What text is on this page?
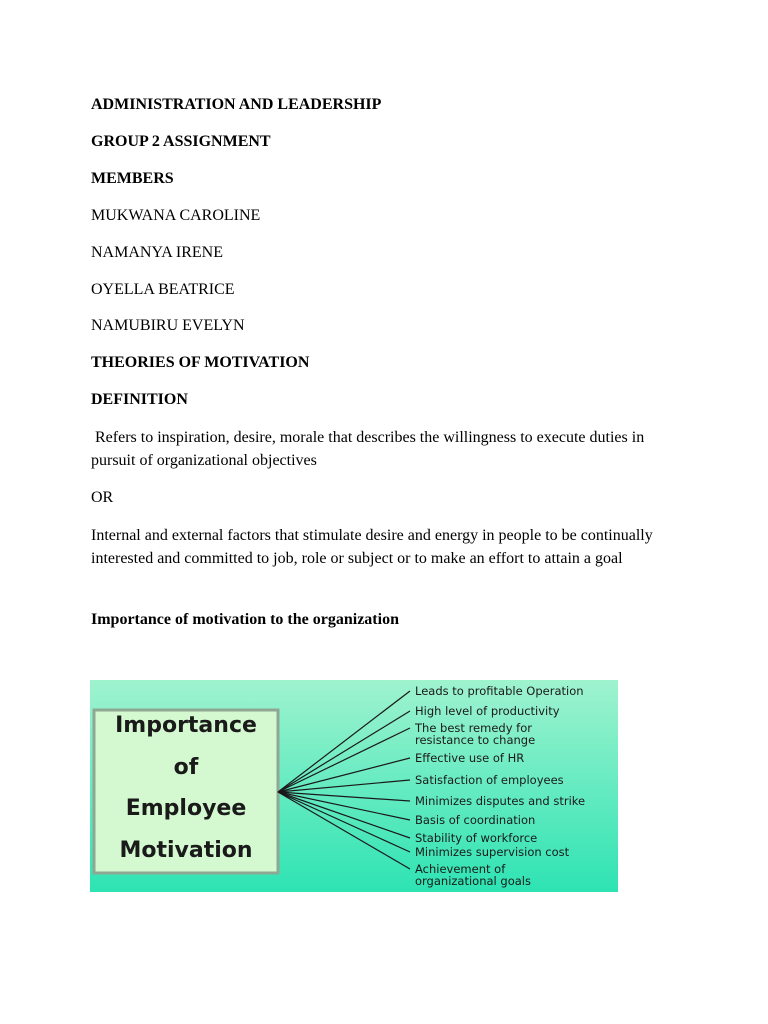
ADMINISTRATION AND LEADERSHIP

GROUP 2 ASSIGNMENT

MEMBERS

MUKWANA CAROLINE

NAMANYA IRENE

OYELLA BEATRICE

NAMUBIRU EVELYN

THEORIES OF MOTIVATION

DEFINITION

Refers to inspiration, desire, morale that describes the willingness to execute duties in pursuit of organizational objectives

OR

Internal and external factors that stimulate desire and energy in people to be continually interested and committed to job, role or subject or to make an effort to attain a goal

Importance of motivation to the organization

Importance
of
Employee
Motivation
Leads to profitable Operation
High level of productivity
The best remedy for
resistance to change
Effective use of HR
Satisfaction of employees
Minimizes disputes and strike
Basis of coordination
Stability of workforce
Minimizes supervision cost
Achievement of
organizational goals
